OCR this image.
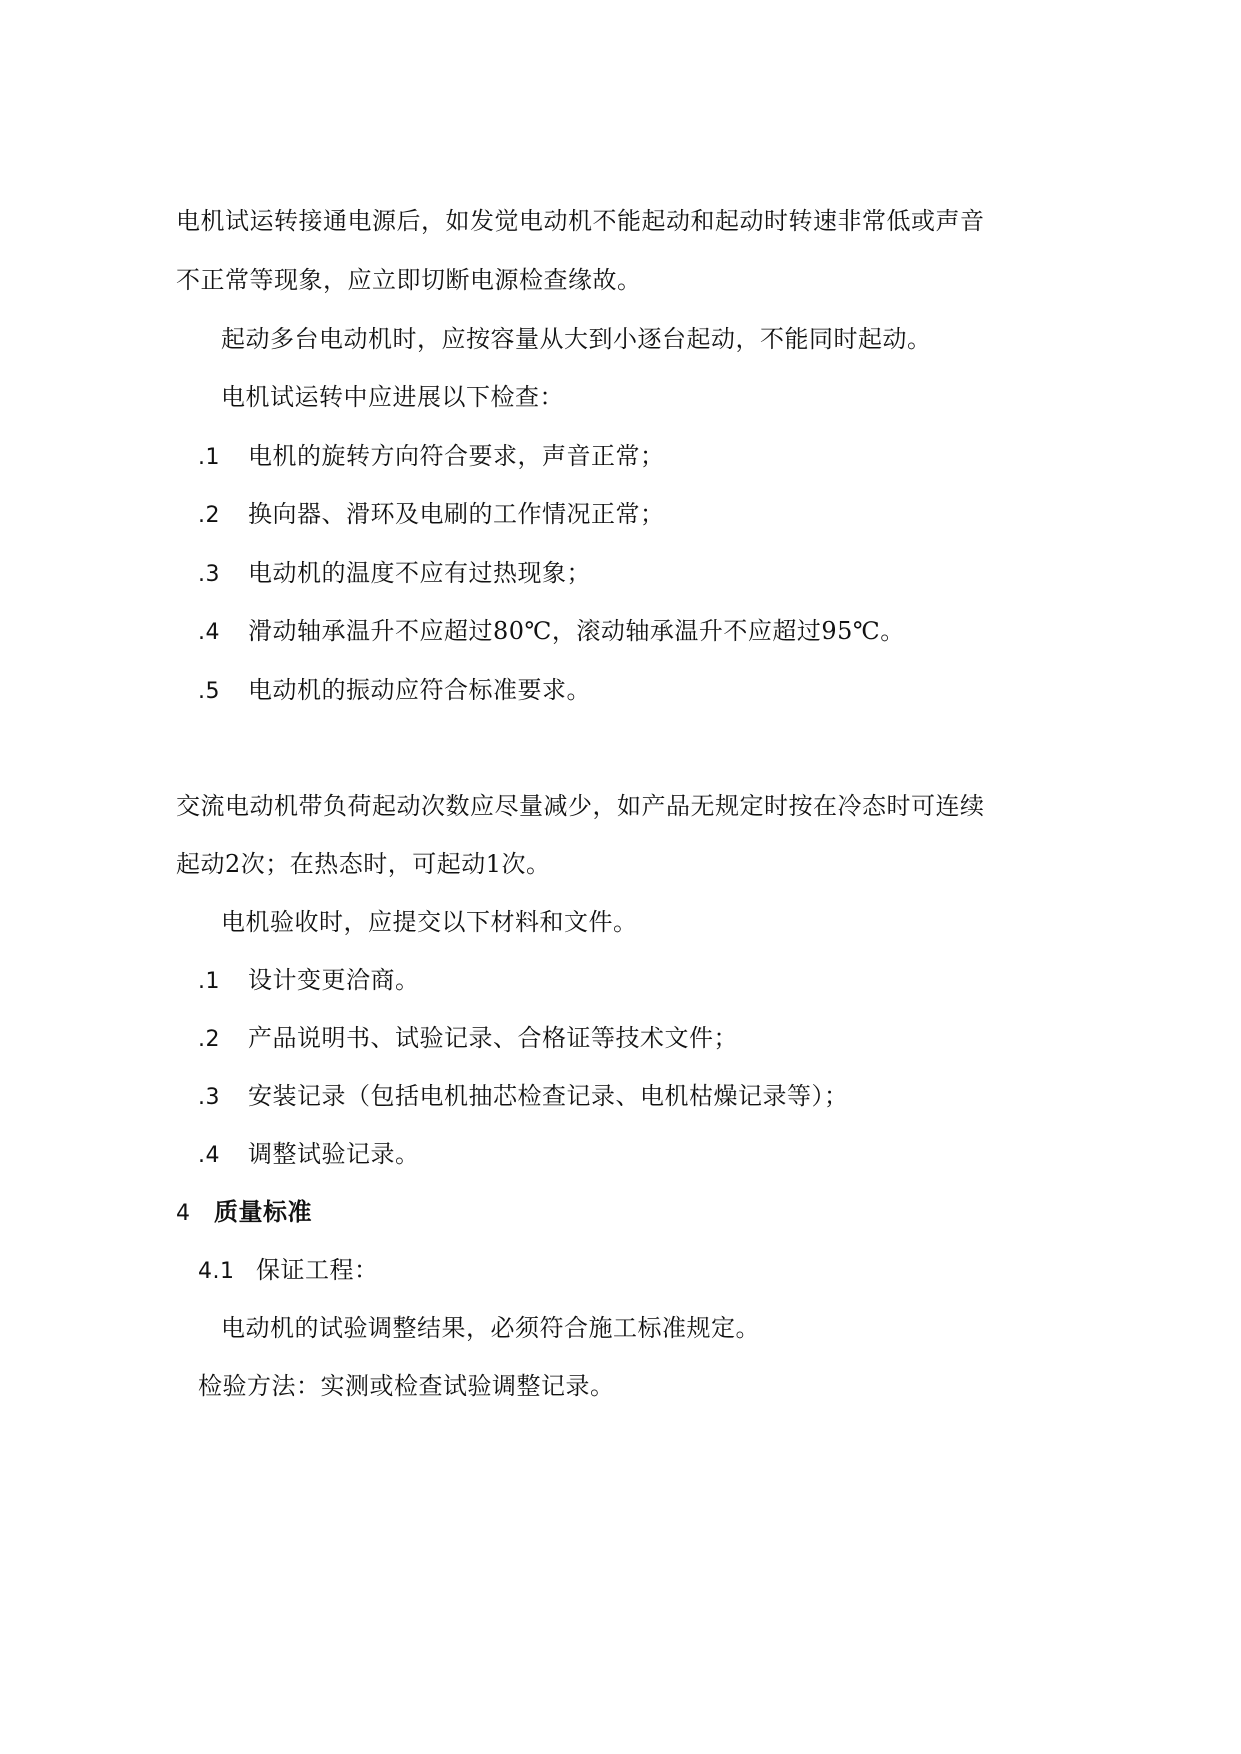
电机试运转接通电源后，如发觉电动机不能起动和起动时转速非常低或声音
不正常等现象，应立即切断电源检查缘故。
起动多台电动机时，应按容量从大到小逐台起动，不能同时起动。
电机试运转中应进展以下检查：
.1 电机的旋转方向符合要求，声音正常；
.2 换向器、滑环及电刷的工作情况正常；
.3 电动机的温度不应有过热现象；
.4 滑动轴承温升不应超过80℃，滚动轴承温升不应超过95℃。
.5 电动机的振动应符合标准要求。
交流电动机带负荷起动次数应尽量减少，如产品无规定时按在冷态时可连续
起动2次；在热态时，可起动1次。
电机验收时，应提交以下材料和文件。
.1 设计变更洽商。
.2 产品说明书、试验记录、合格证等技术文件；
.3 安装记录（包括电机抽芯检查记录、电机枯燥记录等）；
.4 调整试验记录。
4 质量标准
4.1 保证工程：
电动机的试验调整结果，必须符合施工标准规定。
检验方法：实测或检查试验调整记录。
